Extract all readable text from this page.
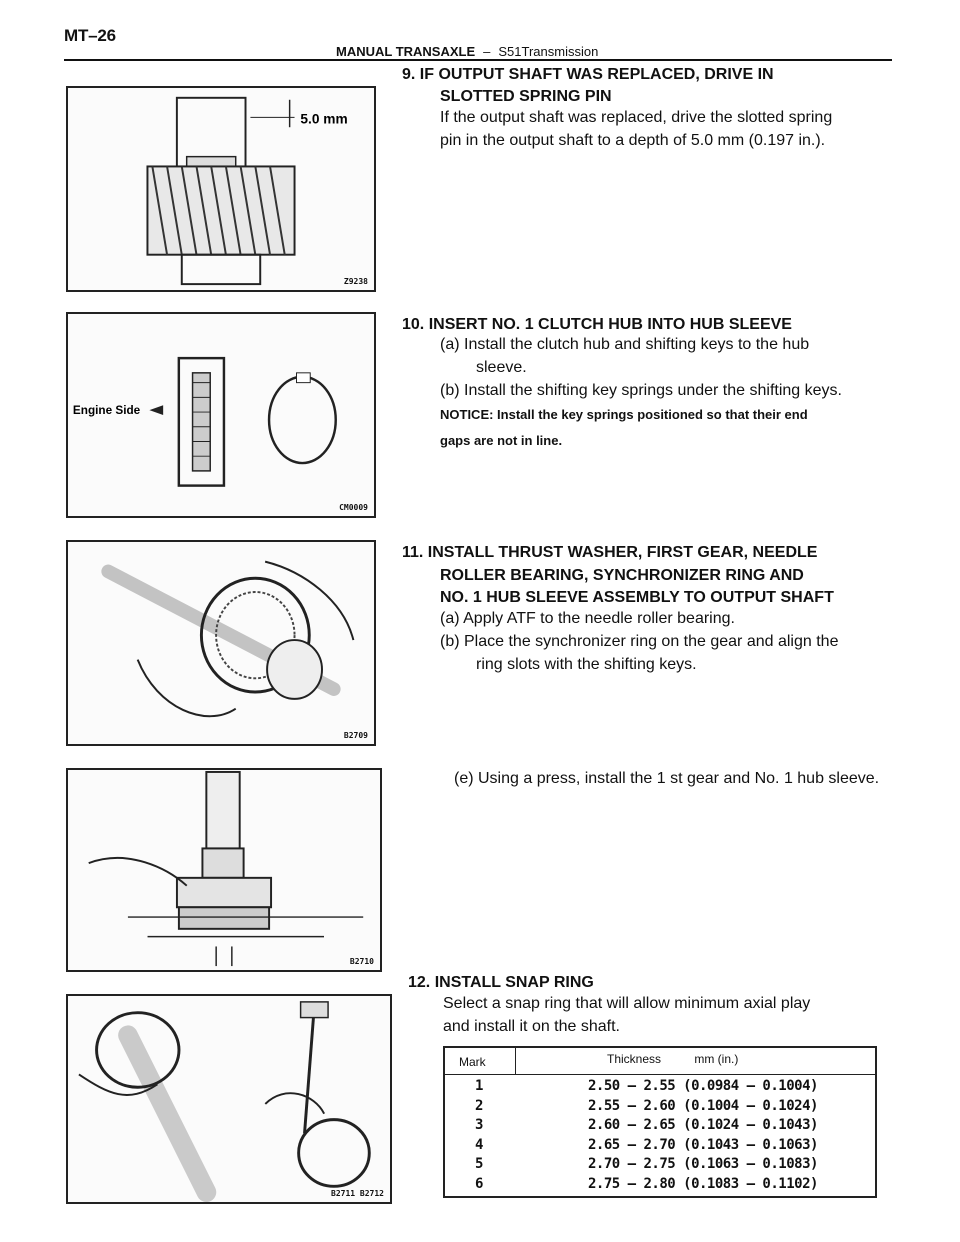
MT–26
MANUAL TRANSAXLE – S51Transmission
5.0 mm
Z9238
Engine Side
CM0009
B2709
B2710
B2711 B2712
9. IF OUTPUT SHAFT WAS REPLACED, DRIVE IN
SLOTTED SPRING PIN
If the output shaft was replaced, drive the slotted spring
pin in the output shaft to a depth of 5.0 mm (0.197 in.).
10. INSERT NO. 1 CLUTCH HUB INTO HUB SLEEVE
(a) Install the clutch hub and shifting keys to the hub
sleeve.
(b) Install the shifting key springs under the shifting keys.
NOTICE: Install the key springs positioned so that their end
gaps are not in line.
11. INSTALL THRUST WASHER, FIRST GEAR, NEEDLE
ROLLER BEARING, SYNCHRONIZER RING AND
NO. 1 HUB SLEEVE ASSEMBLY TO OUTPUT SHAFT
(a) Apply ATF to the needle roller bearing.
(b) Place the synchronizer ring on the gear and align the
ring slots with the shifting keys.
(e) Using a press, install the 1 st gear and No. 1 hub sleeve.
12. INSTALL SNAP RING
Select a snap ring that will allow minimum axial play
and install it on the shaft.
Mark	Thickness          mm (in.)
1	2.50 — 2.55 (0.0984 — 0.1004)
2	2.55 — 2.60 (0.1004 — 0.1024)
3	2.60 — 2.65 (0.1024 — 0.1043)
4	2.65 — 2.70 (0.1043 — 0.1063)
5	2.70 — 2.75 (0.1063 — 0.1083)
6	2.75 — 2.80 (0.1083 — 0.1102)
